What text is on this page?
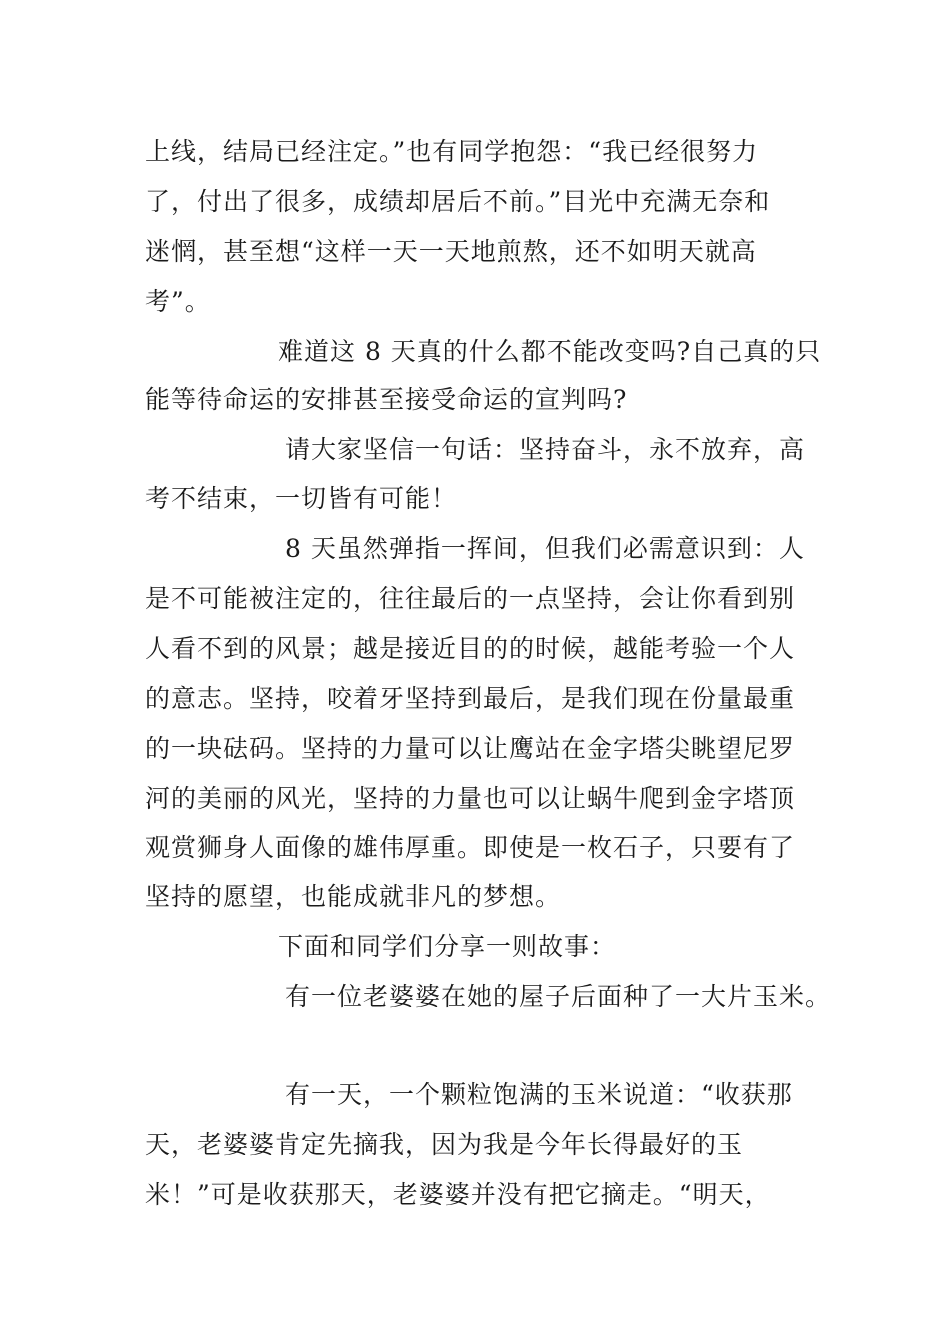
上线，结局已经注定。”也有同学抱怨：“我已经很努力
了，付出了很多，成绩却居后不前。”目光中充满无奈和
迷惘，甚至想“这样一天一天地煎熬，还不如明天就高
考”。
难道这 8 天真的什么都不能改变吗?自己真的只
能等待命运的安排甚至接受命运的宣判吗?
请大家坚信一句话：坚持奋斗，永不放弃，高
考不结束，一切皆有可能！
8 天虽然弹指一挥间，但我们必需意识到：人
是不可能被注定的，往往最后的一点坚持，会让你看到别
人看不到的风景；越是接近目的的时候，越能考验一个人
的意志。坚持，咬着牙坚持到最后，是我们现在份量最重
的一块砝码。坚持的力量可以让鹰站在金字塔尖眺望尼罗
河的美丽的风光，坚持的力量也可以让蜗牛爬到金字塔顶
观赏狮身人面像的雄伟厚重。即使是一枚石子，只要有了
坚持的愿望，也能成就非凡的梦想。
下面和同学们分享一则故事：
有一位老婆婆在她的屋子后面种了一大片玉米。
有一天，一个颗粒饱满的玉米说道：“收获那
天，老婆婆肯定先摘我，因为我是今年长得最好的玉
米！”可是收获那天，老婆婆并没有把它摘走。“明天，
